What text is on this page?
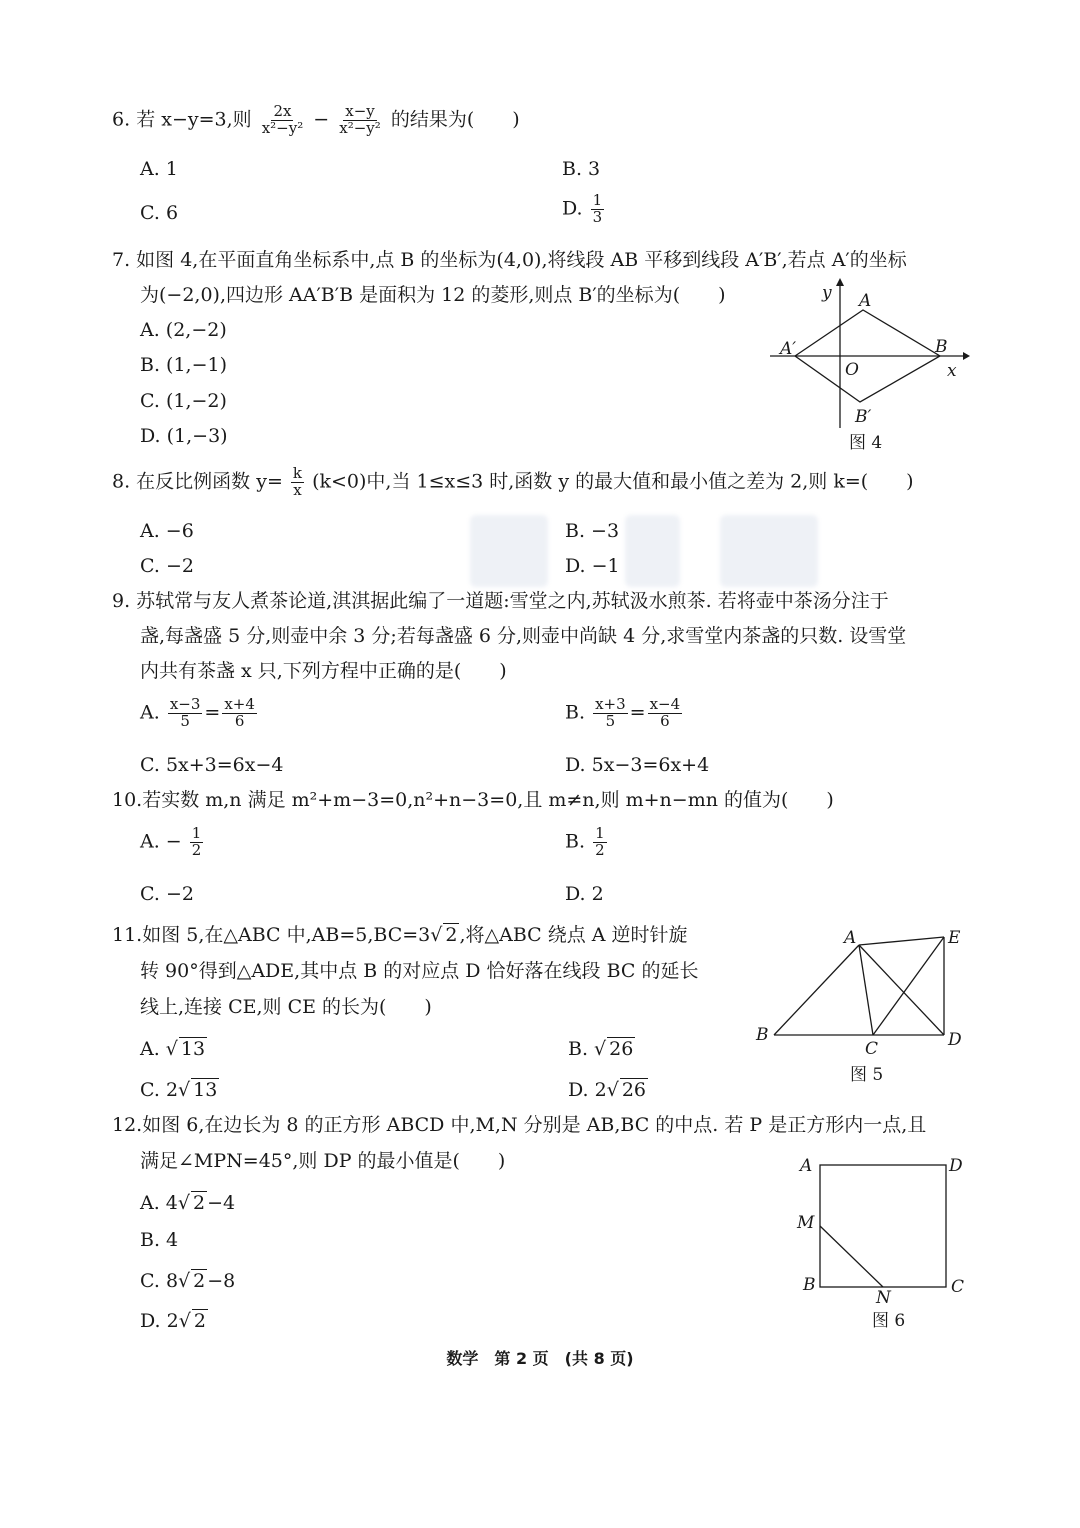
6. 若 x−y=3,则 $\frac{2x}{\text{x²−y²}} - \frac{x-y}{\text{x²−y²}}$ 的结果为(　　)
A. 1	B. 3
C. 6	D. $\frac{1}{3}$
7. 如图 4,在平面直角坐标系中,点 B 的坐标为(4,0),将线段 AB 平移到线段 A′B′,若点 A′的坐标
为(−2,0),四边形 AA′B′B 是面积为 12 的菱形,则点 B′的坐标为(　　)
A. (2,−2)
B. (1,−1)
C. (1,−2)
D. (1,−3)
y A
A′	B
O	x
B′
图 4
8. 在反比例函数 $y= \frac{k}{x} (k<0)$中,当 1≤x≤3 时,函数 y 的最大值和最小值之差为 2,则 k=(　　)
A. −6	B. −3
C. −2	D. −1
9. 苏轼常与友人煮茶论道,淇淇据此编了一道题:雪堂之内,苏轼汲水煎茶. 若将壶中茶汤分注于
盏,每盏盛 5 分,则壶中余 3 分;若每盏盛 6 分,则壶中尚缺 4 分,求雪堂内茶盏的只数. 设雪堂
内共有茶盏 x 只,下列方程中正确的是(　　)
A. $\frac{x-3}{5} = \frac{x+4}{6}$	B. $\frac{x+3}{5} = \frac{x-4}{6}$
C. 5x+3=6x−4	D. 5x−3=6x+4
10.若实数 m,n 满足 m²+m−3=0,n²+n−3=0,且 m≠n,则 m+n−mn 的值为(　　)
A. − $\frac{1}{2}$	B. $\frac{1}{2}$
C. −2	D. 2
11.如图 5,在△ABC 中,AB=5,BC=3√ 2 ,将△ABC 绕点 A 逆时针旋
转 90°得到△ADE,其中点 B 的对应点 D 恰好落在线段 BC 的延长
线上,连接 CE,则 CE 的长为(　　)
A. √ 13	B. √ 26
C. 2√ 13	D. 2√ 26
A	E
B
C	D
图 5
12.如图 6,在边长为 8 的正方形 ABCD 中,M,N 分别是 AB,BC 的中点. 若 P 是正方形内一点,且
满足∠MPN=45°,则 DP 的最小值是(　　)
A. 4√ 2 −4
B. 4
C. 8√ 2 −8
D. 2√ 2
A	D
M
B
N
C
图 6
数学　第 2 页　(共 8 页)
